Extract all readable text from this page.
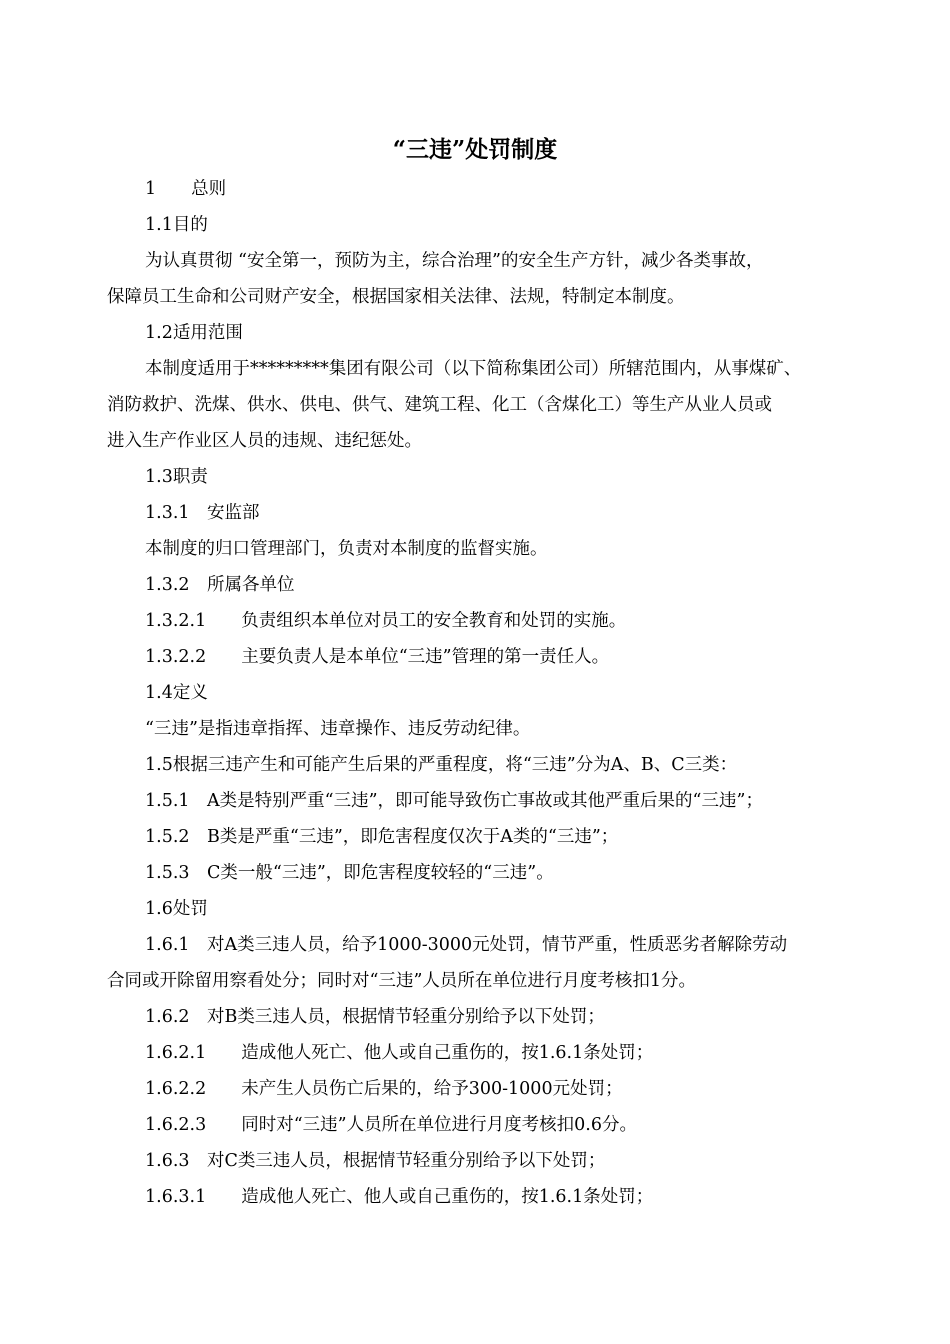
“三违”处罚制度
1　　总则
1.1目的
为认真贯彻 “安全第一，预防为主，综合治理”的安全生产方针，减少各类事故，
保障员工生命和公司财产安全，根据国家相关法律、法规，特制定本制度。
1.2适用范围
本制度适用于*********集团有限公司（以下简称集团公司）所辖范围内，从事煤矿、
消防救护、洗煤、供水、供电、供气、建筑工程、化工（含煤化工）等生产从业人员或
进入生产作业区人员的违规、违纪惩处。
1.3职责
1.3.1　安监部
本制度的归口管理部门，负责对本制度的监督实施。
1.3.2　所属各单位
1.3.2.1　　负责组织本单位对员工的安全教育和处罚的实施。
1.3.2.2　　主要负责人是本单位“三违”管理的第一责任人。
1.4定义
“三违”是指违章指挥、违章操作、违反劳动纪律。
1.5根据三违产生和可能产生后果的严重程度，将“三违”分为A、B、C三类：
1.5.1　A类是特别严重“三违”，即可能导致伤亡事故或其他严重后果的“三违”；
1.5.2　B类是严重“三违”，即危害程度仅次于A类的“三违”；
1.5.3　C类一般“三违”，即危害程度较轻的“三违”。
1.6处罚
1.6.1　对A类三违人员，给予1000-3000元处罚，情节严重，性质恶劣者解除劳动
合同或开除留用察看处分；同时对“三违”人员所在单位进行月度考核扣1分。
1.6.2　对B类三违人员，根据情节轻重分别给予以下处罚；
1.6.2.1　　造成他人死亡、他人或自己重伤的，按1.6.1条处罚；
1.6.2.2　　未产生人员伤亡后果的，给予300-1000元处罚；
1.6.2.3　　同时对“三违”人员所在单位进行月度考核扣0.6分。
1.6.3　对C类三违人员，根据情节轻重分别给予以下处罚；
1.6.3.1　　造成他人死亡、他人或自己重伤的，按1.6.1条处罚；
